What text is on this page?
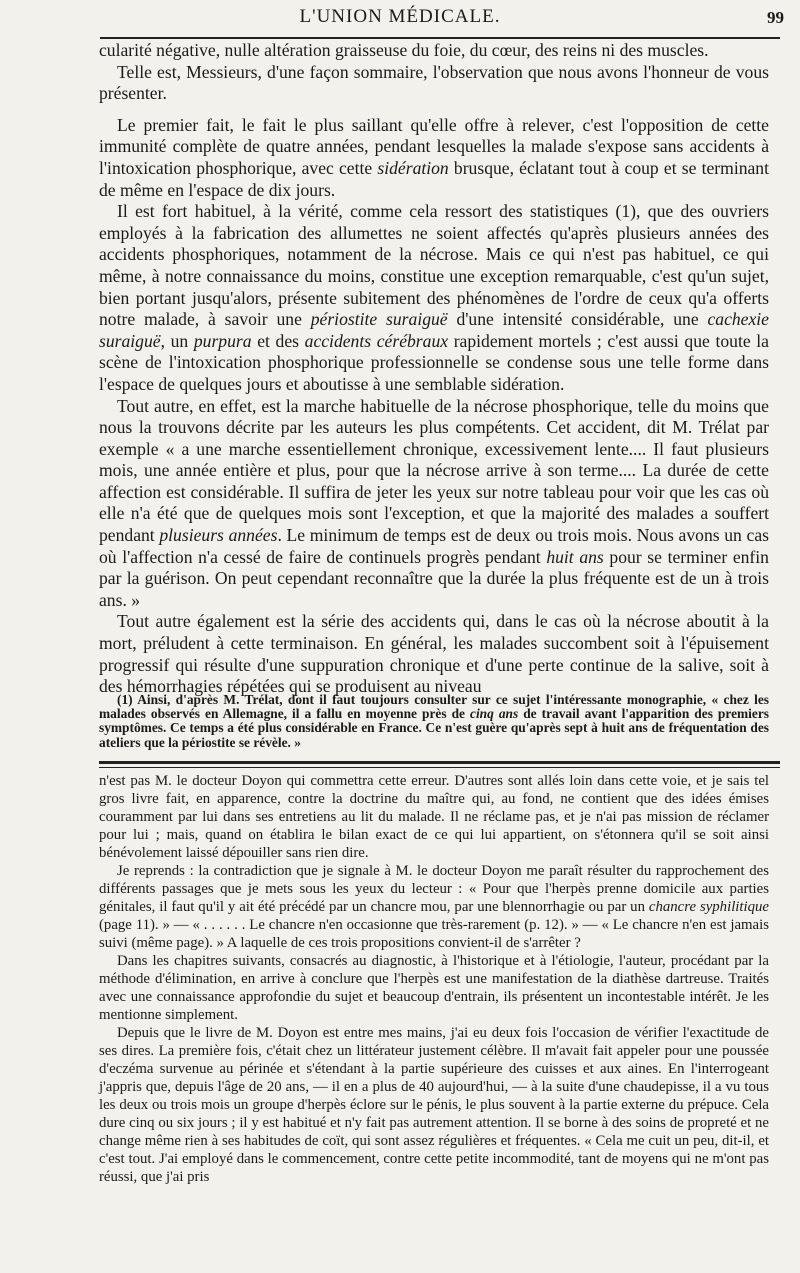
L'UNION MÉDICALE.	99

cularité négative, nulle altération graisseuse du foie, du cœur, des reins ni des muscles.

Telle est, Messieurs, d'une façon sommaire, l'observation que nous avons l'honneur de vous présenter.

Le premier fait, le fait le plus saillant qu'elle offre à relever, c'est l'opposition de cette immunité complète de quatre années, pendant lesquelles la malade s'expose sans accidents à l'intoxication phosphorique, avec cette sidération brusque, éclatant tout à coup et se terminant de même en l'espace de dix jours.

Il est fort habituel, à la vérité, comme cela ressort des statistiques (1), que des ouvriers employés à la fabrication des allumettes ne soient affectés qu'après plusieurs années des accidents phosphoriques, notamment de la nécrose. Mais ce qui n'est pas habituel, ce qui même, à notre connaissance du moins, constitue une exception remarquable, c'est qu'un sujet, bien portant jusqu'alors, présente subitement des phénomènes de l'ordre de ceux qu'a offerts notre malade, à savoir une périostite suraiguë d'une intensité considérable, une cachexie suraiguë, un purpura et des accidents cérébraux rapidement mortels ; c'est aussi que toute la scène de l'intoxication phosphorique professionnelle se condense sous une telle forme dans l'espace de quelques jours et aboutisse à une semblable sidération.

Tout autre, en effet, est la marche habituelle de la nécrose phosphorique, telle du moins que nous la trouvons décrite par les auteurs les plus compétents. Cet accident, dit M. Trélat par exemple « a une marche essentiellement chronique, excessivement lente.... Il faut plusieurs mois, une année entière et plus, pour que la nécrose arrive à son terme.... La durée de cette affection est considérable. Il suffira de jeter les yeux sur notre tableau pour voir que les cas où elle n'a été que de quelques mois sont l'exception, et que la majorité des malades a souffert pendant plusieurs années. Le minimum de temps est de deux ou trois mois. Nous avons un cas où l'affection n'a cessé de faire de continuels progrès pendant huit ans pour se terminer enfin par la guérison. On peut cependant reconnaître que la durée la plus fréquente est de un à trois ans. »

Tout autre également est la série des accidents qui, dans le cas où la nécrose aboutit à la mort, préludent à cette terminaison. En général, les malades succombent soit à l'épuisement progressif qui résulte d'une suppuration chronique et d'une perte continue de la salive, soit à des hémorrhagies répétées qui se produisent au niveau

(1) Ainsi, d'après M. Trélat, dont il faut toujours consulter sur ce sujet l'intéressante monographie, « chez les malades observés en Allemagne, il a fallu en moyenne près de cinq ans de travail avant l'apparition des premiers symptômes. Ce temps a été plus considérable en France. Ce n'est guère qu'après sept à huit ans de fréquentation des ateliers que la périostite se révèle. »

n'est pas M. le docteur Doyon qui commettra cette erreur. D'autres sont allés loin dans cette voie, et je sais tel gros livre fait, en apparence, contre la doctrine du maître qui, au fond, ne contient que des idées émises couramment par lui dans ses entretiens au lit du malade. Il ne réclame pas, et je n'ai pas mission de réclamer pour lui ; mais, quand on établira le bilan exact de ce qui lui appartient, on s'étonnera qu'il se soit ainsi bénévolement laissé dépouiller sans rien dire.

Je reprends : la contradiction que je signale à M. le docteur Doyon me paraît résulter du rapprochement des différents passages que je mets sous les yeux du lecteur : « Pour que l'herpès prenne domicile aux parties génitales, il faut qu'il y ait été précédé par un chancre mou, par une blennorrhagie ou par un chancre syphilitique (page 11). » — « . . . . . . Le chancre n'en occasionne que très-rarement (p. 12). » — « Le chancre n'en est jamais suivi (même page). » A laquelle de ces trois propositions convient-il de s'arrêter ?

Dans les chapitres suivants, consacrés au diagnostic, à l'historique et à l'étiologie, l'auteur, procédant par la méthode d'élimination, en arrive à conclure que l'herpès est une manifestation de la diathèse dartreuse. Traités avec une connaissance approfondie du sujet et beaucoup d'entrain, ils présentent un incontestable intérêt. Je les mentionne simplement.

Depuis que le livre de M. Doyon est entre mes mains, j'ai eu deux fois l'occasion de vérifier l'exactitude de ses dires. La première fois, c'était chez un littérateur justement célèbre. Il m'avait fait appeler pour une poussée d'eczéma survenue au périnée et s'étendant à la partie supérieure des cuisses et aux aines. En l'interrogeant j'appris que, depuis l'âge de 20 ans, — il en a plus de 40 aujourd'hui, — à la suite d'une chaudepisse, il a vu tous les deux ou trois mois un groupe d'herpès éclore sur le pénis, le plus souvent à la partie externe du prépuce. Cela dure cinq ou six jours ; il y est habitué et n'y fait pas autrement attention. Il se borne à des soins de propreté et ne change même rien à ses habitudes de coït, qui sont assez régulières et fréquentes. « Cela me cuit un peu, dit-il, et c'est tout. J'ai employé dans le commencement, contre cette petite incommodité, tant de moyens qui ne m'ont pas réussi, que j'ai pris
